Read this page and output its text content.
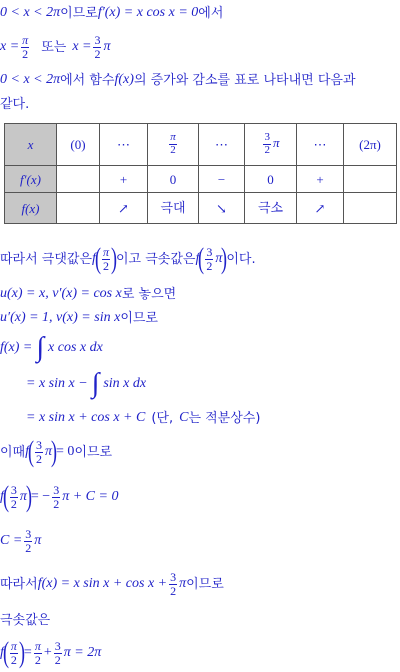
0 < x < 2π 이므로 f′(x) = x cos x = 0 에서
$x = \frac{\pi}{2}$ 또는 $x = \frac{3}{2}$ π
0 < x < 2π 에서 함수 f(x) 의 증가와 감소를 표로 나타내면 다음과
같다.
x	(0)	⋯	$\frac{\pi}{2}$	⋯	$\frac{3}{2}$ π	⋯	(2π)
f′(x)		+	0	−	0	+	
f(x)		↗	극대	↘	극소	↗	
따라서 극댓값은 f ( $\frac{\pi}{2}$ ) 이고 극솟값은 f ( $\frac{3}{2}$ π ) 이다.
u(x) = x, v′(x) = cos x 로 놓으면
u′(x) = 1, v(x) = sin x 이므로
f(x) = ∫ x cos x dx
= x sin x − ∫ sin x dx
= x sin x + cos x + C (단, C 는 적분상수)
이때 f ( $\frac{3}{2}$ π ) = 0 이므로
f ( $\frac{3}{2}$ π ) = − $\frac{3}{2}$ π + C = 0
$C = \frac{3}{2}$ π
따라서 f(x) = x $\sin x + \cos x + \frac{3}{2}$ π 이므로
극솟값은
f ( $\frac{\pi}{2}$ ) = $\frac{\pi}{2} + \frac{3}{2}$ π = 2π
